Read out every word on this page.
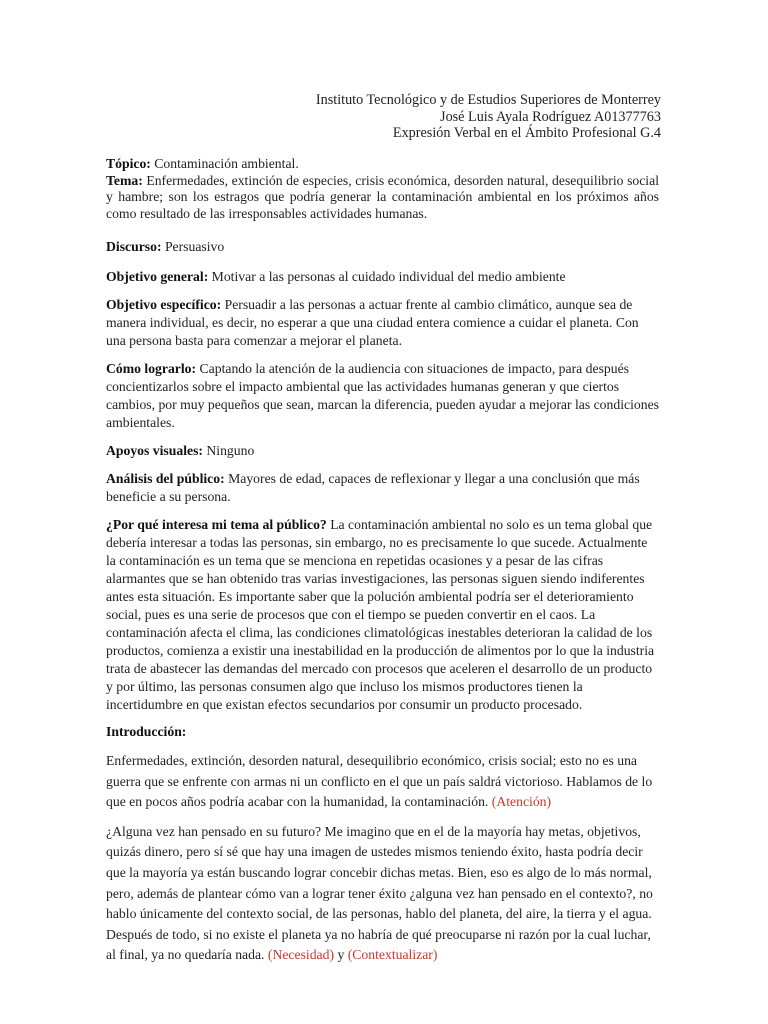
Instituto Tecnológico y de Estudios Superiores de Monterrey
José Luis Ayala Rodríguez A01377763
Expresión Verbal en el Ámbito Profesional G.4

Tópico: Contaminación ambiental.

Tema: Enfermedades, extinción de especies, crisis económica, desorden natural, desequilibrio social y hambre; son los estragos que podría generar la contaminación ambiental en los próximos años como resultado de las irresponsables actividades humanas.

Discurso: Persuasivo

Objetivo general: Motivar a las personas al cuidado individual del medio ambiente

Objetivo específico: Persuadir a las personas a actuar frente al cambio climático, aunque sea de manera individual, es decir, no esperar a que una ciudad entera comience a cuidar el planeta. Con una persona basta para comenzar a mejorar el planeta.

Cómo lograrlo: Captando la atención de la audiencia con situaciones de impacto, para después concientizarlos sobre el impacto ambiental que las actividades humanas generan y que ciertos cambios, por muy pequeños que sean, marcan la diferencia, pueden ayudar a mejorar las condiciones ambientales.

Apoyos visuales: Ninguno

Análisis del público: Mayores de edad, capaces de reflexionar y llegar a una conclusión que más beneficie a su persona.

¿Por qué interesa mi tema al público? La contaminación ambiental no solo es un tema global que debería interesar a todas las personas, sin embargo, no es precisamente lo que sucede. Actualmente la contaminación es un tema que se menciona en repetidas ocasiones y a pesar de las cifras alarmantes que se han obtenido tras varias investigaciones, las personas siguen siendo indiferentes antes esta situación. Es importante saber que la polución ambiental podría ser el deterioramiento social, pues es una serie de procesos que con el tiempo se pueden convertir en el caos. La contaminación afecta el clima, las condiciones climatológicas inestables deterioran la calidad de los productos, comienza a existir una inestabilidad en la producción de alimentos por lo que la industria trata de abastecer las demandas del mercado con procesos que aceleren el desarrollo de un producto y por último, las personas consumen algo que incluso los mismos productores tienen la incertidumbre en que existan efectos secundarios por consumir un producto procesado.

Introducción:

Enfermedades, extinción, desorden natural, desequilibrio económico, crisis social; esto no es una guerra que se enfrente con armas ni un conflicto en el que un país saldrá victorioso. Hablamos de lo que en pocos años podría acabar con la humanidad, la contaminación. (Atención)

¿Alguna vez han pensado en su futuro? Me imagino que en el de la mayoría hay metas, objetivos, quizás dinero, pero sí sé que hay una imagen de ustedes mismos teniendo éxito, hasta podría decir que la mayoría ya están buscando lograr concebir dichas metas. Bien, eso es algo de lo más normal, pero, además de plantear cómo van a lograr tener éxito ¿alguna vez han pensado en el contexto?, no hablo únicamente del contexto social, de las personas, hablo del planeta, del aire, la tierra y el agua. Después de todo, si no existe el planeta ya no habría de qué preocuparse ni razón por la cual luchar, al final, ya no quedaría nada. (Necesidad) y (Contextualizar)
